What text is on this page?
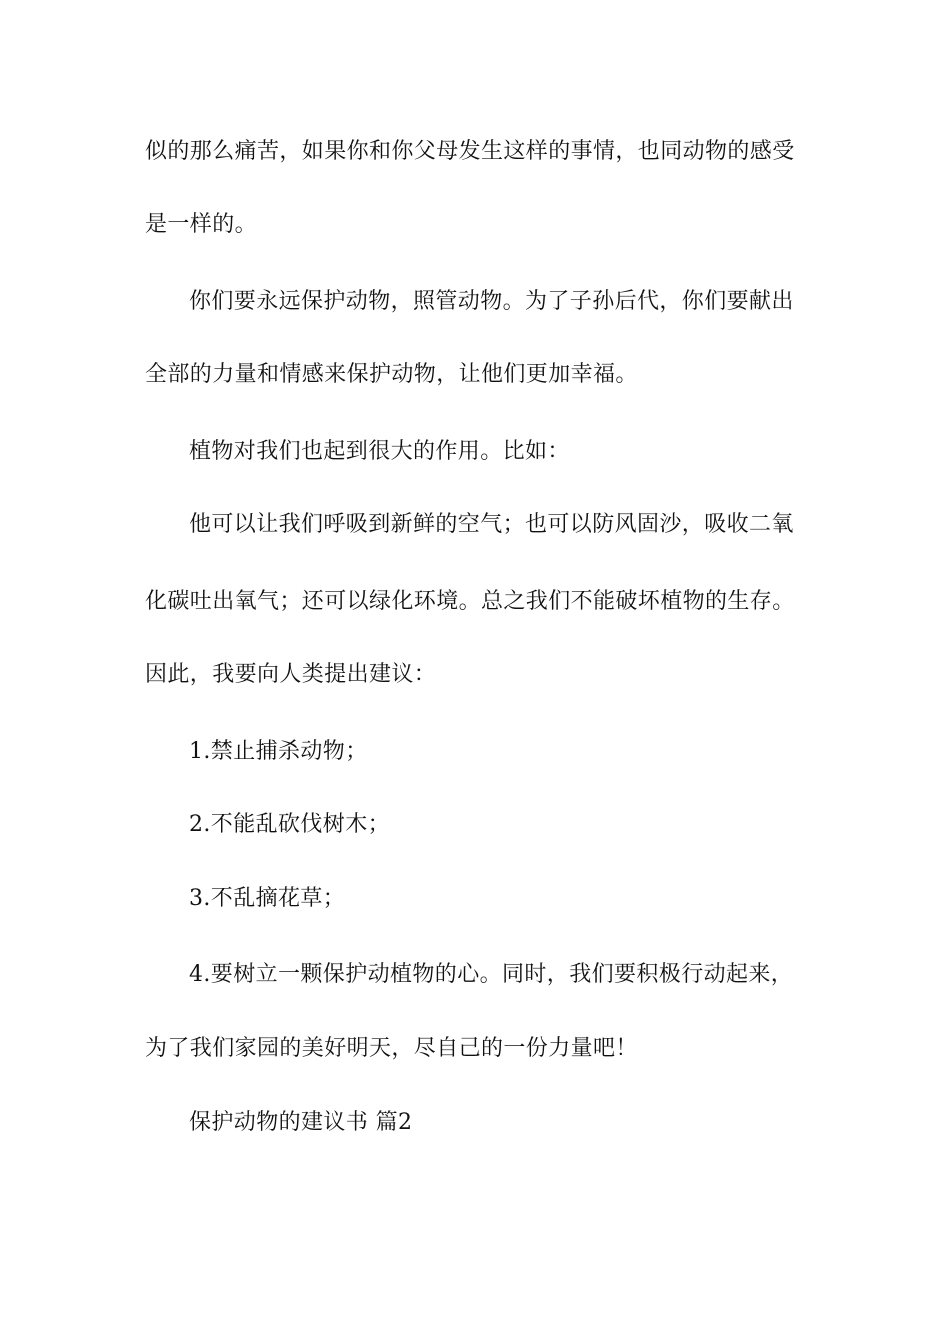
似的那么痛苦，如果你和你父母发生这样的事情，也同动物的感受
是一样的。
你们要永远保护动物，照管动物。为了子孙后代，你们要献出
全部的力量和情感来保护动物，让他们更加幸福。
植物对我们也起到很大的作用。比如：
他可以让我们呼吸到新鲜的空气；也可以防风固沙，吸收二氧
化碳吐出氧气；还可以绿化环境。总之我们不能破坏植物的生存。
因此，我要向人类提出建议：
1.禁止捕杀动物；
2.不能乱砍伐树木；
3.不乱摘花草；
4.要树立一颗保护动植物的心。同时，我们要积极行动起来，
为了我们家园的美好明天，尽自己的一份力量吧！
保护动物的建议书 篇2
